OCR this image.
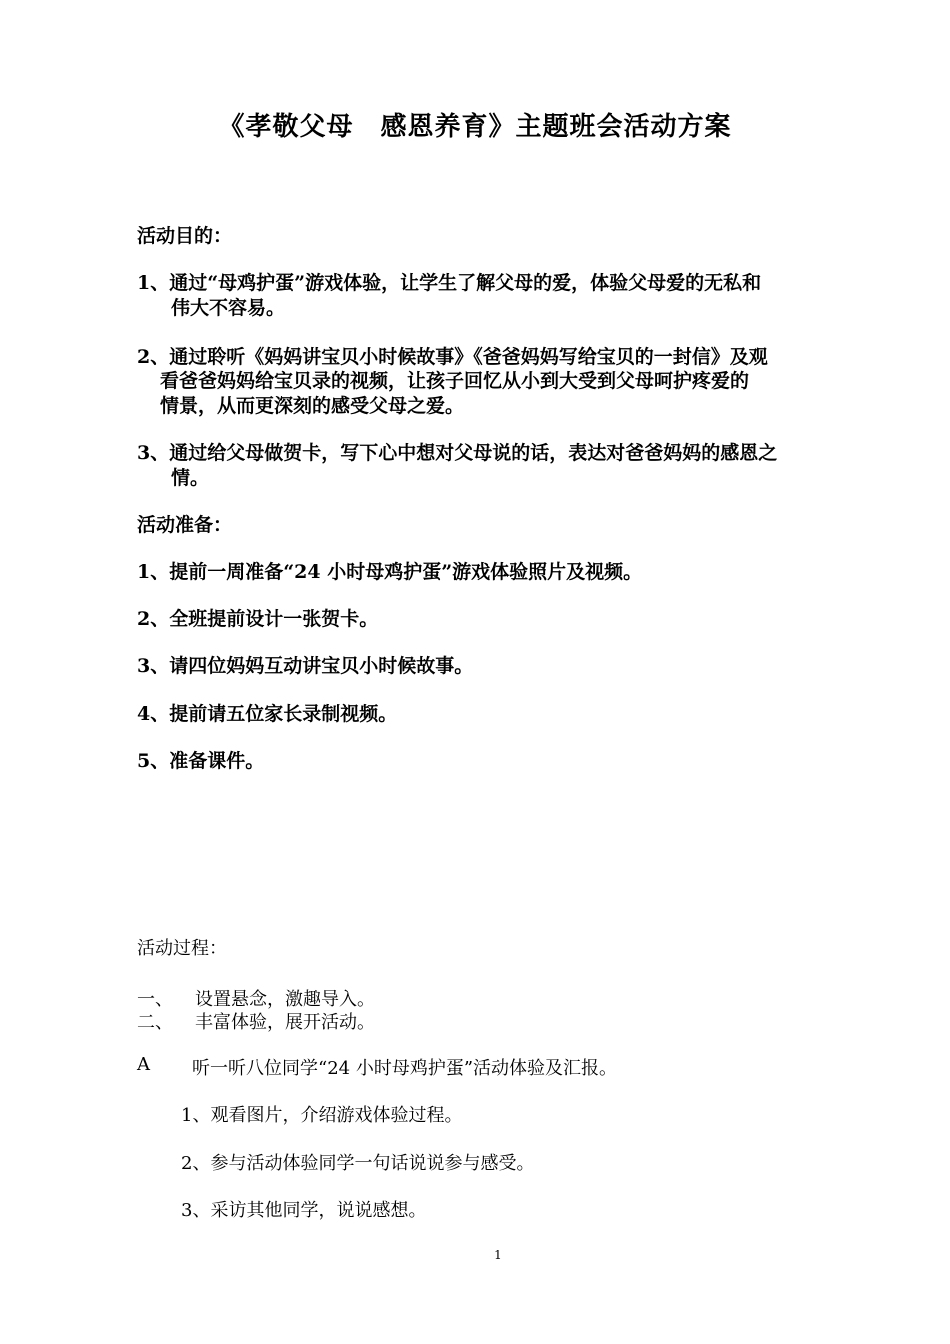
《孝敬父母　感恩养育》主题班会活动方案
活动目的：
1、通过“母鸡护蛋”游戏体验，让学生了解父母的爱，体验父母爱的无私和
伟大不容易。
2、通过聆听《妈妈讲宝贝小时候故事》《爸爸妈妈写给宝贝的一封信》及观
看爸爸妈妈给宝贝录的视频，让孩子回忆从小到大受到父母呵护疼爱的
情景，从而更深刻的感受父母之爱。
3、通过给父母做贺卡，写下心中想对父母说的话，表达对爸爸妈妈的感恩之
情。
活动准备：
1、提前一周准备“24 小时母鸡护蛋”游戏体验照片及视频。
2、全班提前设计一张贺卡。
3、请四位妈妈互动讲宝贝小时候故事。
4、提前请五位家长录制视频。
5、准备课件。
活动过程：
一、 设置悬念，激趣导入。
二、 丰富体验，展开活动。
A 听一听八位同学“24 小时母鸡护蛋”活动体验及汇报。
1、观看图片，介绍游戏体验过程。
2、参与活动体验同学一句话说说参与感受。
3、采访其他同学，说说感想。
1
